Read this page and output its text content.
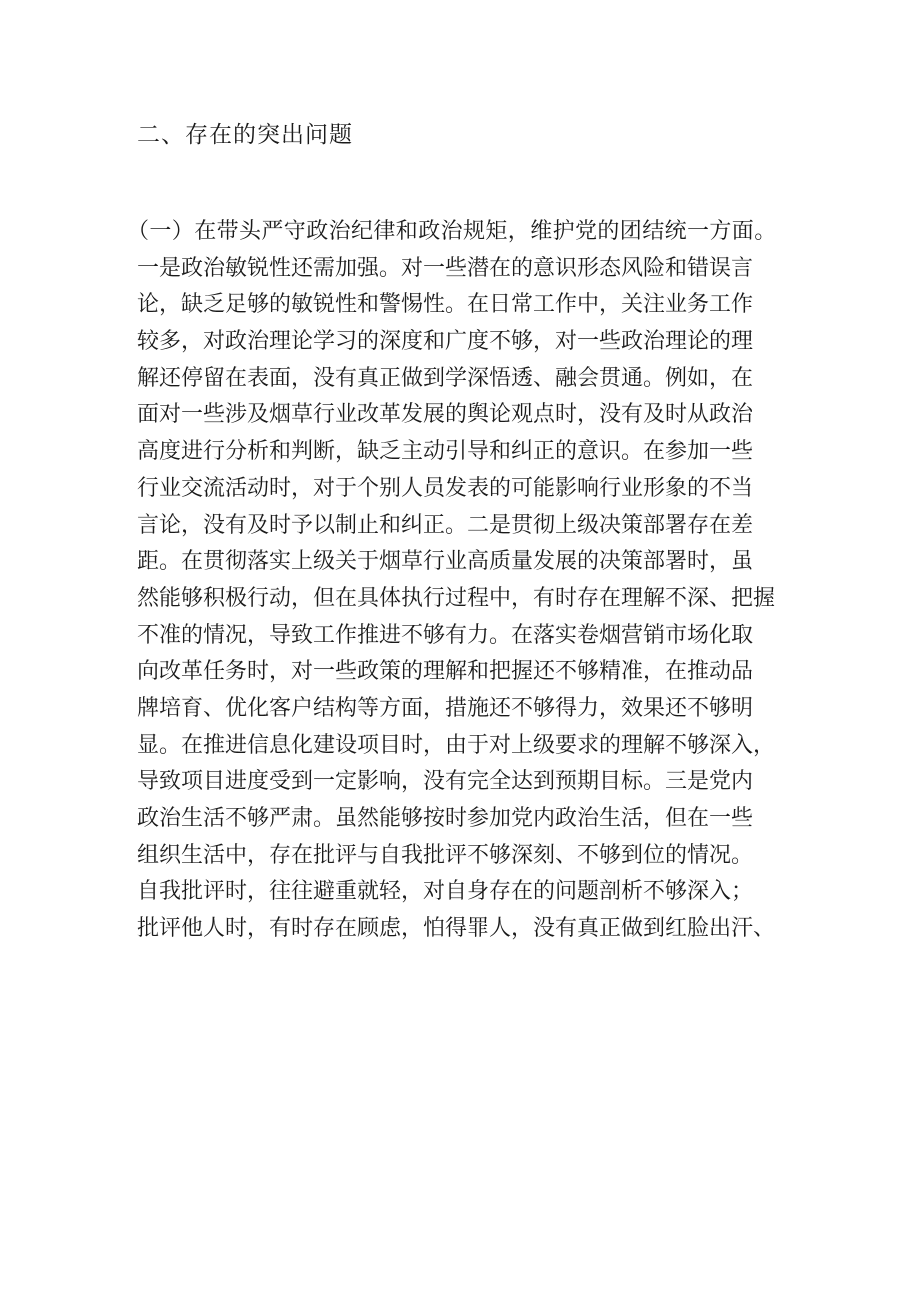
二、存在的突出问题
（一）在带头严守政治纪律和政治规矩，维护党的团结统一方面。
一是政治敏锐性还需加强。对一些潜在的意识形态风险和错误言
论，缺乏足够的敏锐性和警惕性。在日常工作中，关注业务工作
较多，对政治理论学习的深度和广度不够，对一些政治理论的理
解还停留在表面，没有真正做到学深悟透、融会贯通。例如，在
面对一些涉及烟草行业改革发展的舆论观点时，没有及时从政治
高度进行分析和判断，缺乏主动引导和纠正的意识。在参加一些
行业交流活动时，对于个别人员发表的可能影响行业形象的不当
言论，没有及时予以制止和纠正。二是贯彻上级决策部署存在差
距。在贯彻落实上级关于烟草行业高质量发展的决策部署时，虽
然能够积极行动，但在具体执行过程中，有时存在理解不深、把握
不准的情况，导致工作推进不够有力。在落实卷烟营销市场化取
向改革任务时，对一些政策的理解和把握还不够精准，在推动品
牌培育、优化客户结构等方面，措施还不够得力，效果还不够明
显。在推进信息化建设项目时，由于对上级要求的理解不够深入，
导致项目进度受到一定影响，没有完全达到预期目标。三是党内
政治生活不够严肃。虽然能够按时参加党内政治生活，但在一些
组织生活中，存在批评与自我批评不够深刻、不够到位的情况。
自我批评时，往往避重就轻，对自身存在的问题剖析不够深入；
批评他人时，有时存在顾虑，怕得罪人，没有真正做到红脸出汗、
